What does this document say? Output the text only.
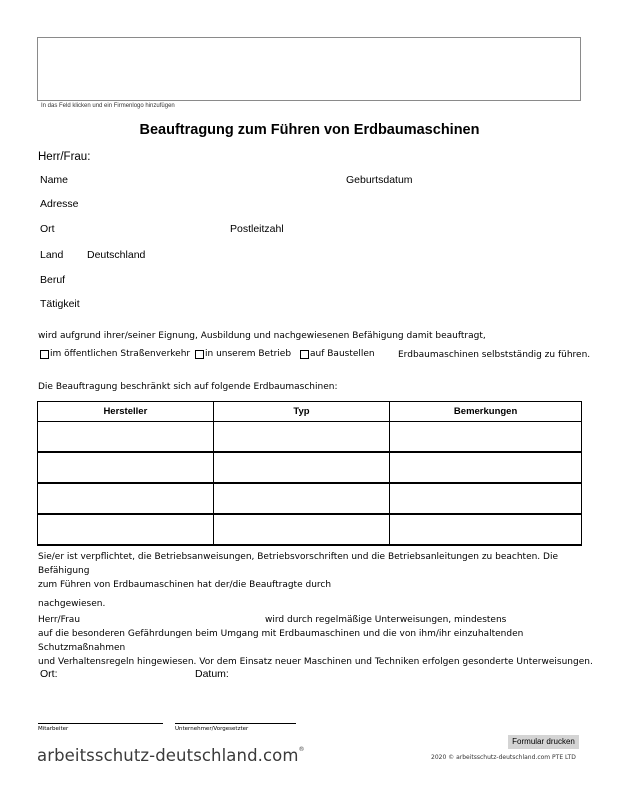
In das Feld klicken und ein Firmenlogo hinzufügen
Beauftragung zum Führen von Erdbaumaschinen
Herr/Frau:
Name	Geburtsdatum
Adresse
Ort	Postleitzahl
Land Deutschland
Beruf
Tätigkeit
wird aufgrund ihrer/seiner Eignung, Ausbildung und nachgewiesenen Befähigung damit beauftragt,
im öffentlichen Straßenverkehr in unserem Betrieb auf Baustellen	Erdbaumaschinen selbstständig zu führen.
Die Beauftragung beschränkt sich auf folgende Erdbaumaschinen:
Hersteller	Typ	Bemerkungen

Sie/er ist verpflichtet, die Betriebsanweisungen, Betriebsvorschriften und die Betriebsanleitungen zu beachten. Die Befähigung
zum Führen von Erdbaumaschinen hat der/die Beauftragte durch
nachgewiesen.
Herr/Frau	wird durch regelmäßige Unterweisungen, mindestens
auf die besonderen Gefährdungen beim Umgang mit Erdbaumaschinen und die von ihm/ihr einzuhaltenden Schutzmaßnahmen
und Verhaltensregeln hingewiesen. Vor dem Einsatz neuer Maschinen und Techniken erfolgen gesonderte Unterweisungen.
Ort:	Datum:
Mitarbeiter	Unternehmer/Vorgesetzter
arbeitsschutz-deutschland.com®
Formular drucken
2020 © arbeitsschutz-deutschland.com PTE LTD
